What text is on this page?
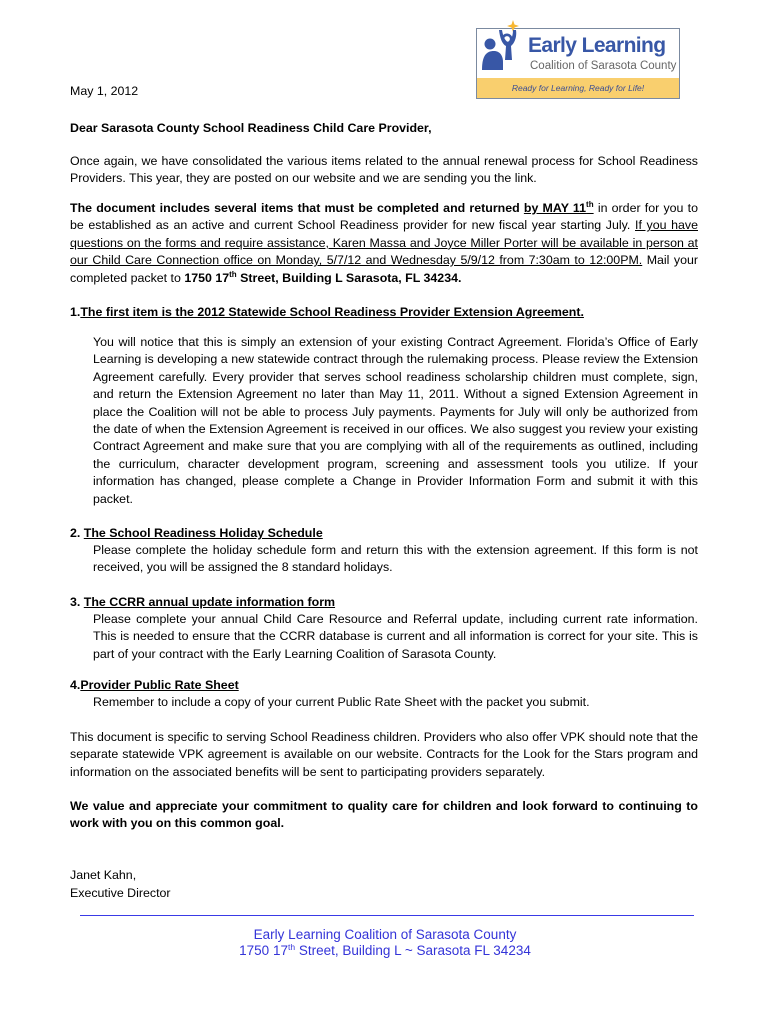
Early Learning
Coalition of Sarasota County
Ready for Learning, Ready for Life!
May 1, 2012
Dear Sarasota County School Readiness Child Care Provider,
Once again, we have consolidated the various items related to the annual renewal process for School Readiness Providers. This year, they are posted on our website and we are sending you the link.
The document includes several items that must be completed and returned by MAY 11th in order for you to be established as an active and current School Readiness provider for new fiscal year starting July. If you have questions on the forms and require assistance, Karen Massa and Joyce Miller Porter will be available in person at our Child Care Connection office on Monday, 5/7/12 and Wednesday 5/9/12 from 7:30am to 12:00PM. Mail your completed packet to 1750 17th Street, Building L Sarasota, FL 34234.
1.The first item is the 2012 Statewide School Readiness Provider Extension Agreement.
You will notice that this is simply an extension of your existing Contract Agreement. Florida’s Office of Early Learning is developing a new statewide contract through the rulemaking process. Please review the Extension Agreement carefully. Every provider that serves school readiness scholarship children must complete, sign, and return the Extension Agreement no later than May 11, 2011. Without a signed Extension Agreement in place the Coalition will not be able to process July payments. Payments for July will only be authorized from the date of when the Extension Agreement is received in our offices. We also suggest you review your existing Contract Agreement and make sure that you are complying with all of the requirements as outlined, including the curriculum, character development program, screening and assessment tools you utilize. If your information has changed, please complete a Change in Provider Information Form and submit it with this packet.
2. The School Readiness Holiday Schedule
Please complete the holiday schedule form and return this with the extension agreement. If this form is not received, you will be assigned the 8 standard holidays.
3. The CCRR annual update information form
Please complete your annual Child Care Resource and Referral update, including current rate information. This is needed to ensure that the CCRR database is current and all information is correct for your site. This is part of your contract with the Early Learning Coalition of Sarasota County.
4.Provider Public Rate Sheet
Remember to include a copy of your current Public Rate Sheet with the packet you submit.
This document is specific to serving School Readiness children. Providers who also offer VPK should note that the separate statewide VPK agreement is available on our website. Contracts for the Look for the Stars program and information on the associated benefits will be sent to participating providers separately.
We value and appreciate your commitment to quality care for children and look forward to continuing to work with you on this common goal.
Janet Kahn,
Executive Director
Early Learning Coalition of Sarasota County
1750 17th Street, Building L ~ Sarasota FL 34234
